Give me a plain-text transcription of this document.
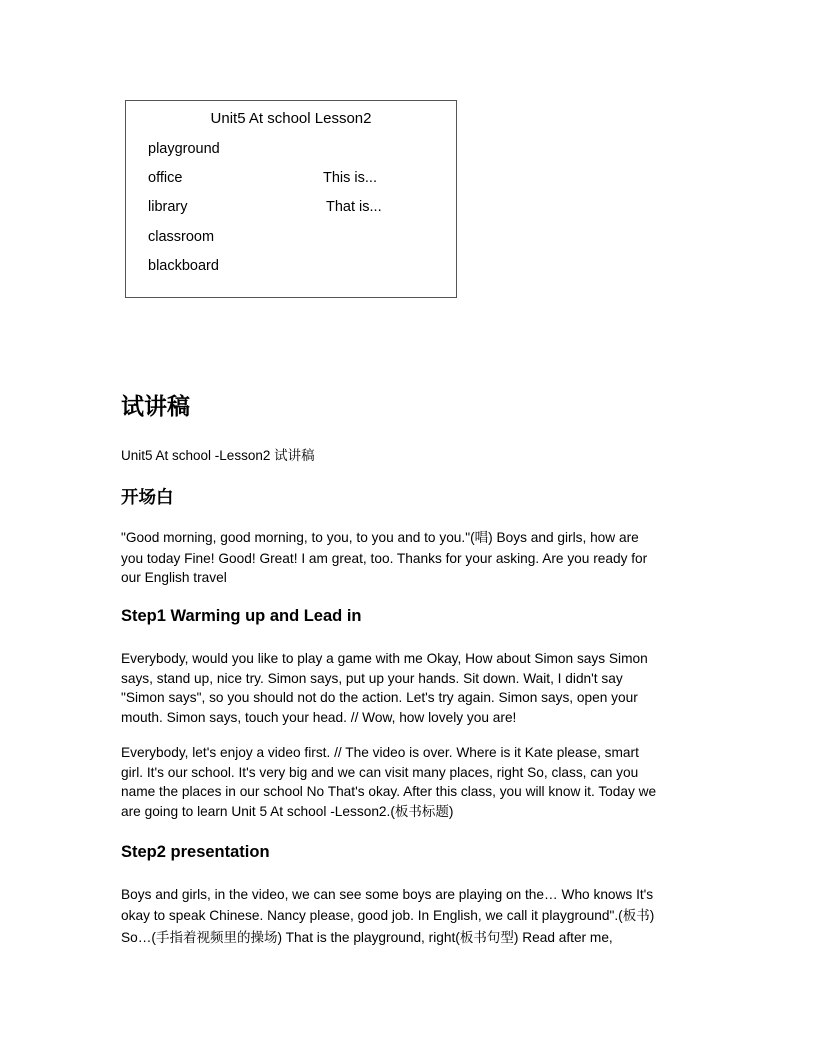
Unit5 At school Lesson2
playground
office
library
classroom
blackboard
This is...
That is...
试讲稿
Unit5 At school -Lesson2 试讲稿
开场白
"Good morning, good morning, to you, to you and to you."(唱) Boys and girls, how are
you today Fine! Good! Great! I am great, too. Thanks for your asking. Are you ready for
our English travel
Step1 Warming up and Lead in
Everybody, would you like to play a game with me Okay, How about Simon says Simon
says, stand up, nice try. Simon says, put up your hands. Sit down. Wait, I didn't say
"Simon says", so you should not do the action. Let's try again. Simon says, open your
mouth. Simon says, touch your head. // Wow, how lovely you are!
Everybody, let's enjoy a video first. // The video is over. Where is it Kate please, smart
girl. It's our school. It's very big and we can visit many places, right So, class, can you
name the places in our school No That's okay. After this class, you will know it. Today we
are going to learn Unit 5 At school -Lesson2.(板书标题)
Step2 presentation
Boys and girls, in the video, we can see some boys are playing on the… Who knows It's
okay to speak Chinese. Nancy please, good job. In English, we call it playground".(板书)
So…(手指着视频里的操场) That is the playground, right(板书句型) Read after me,
